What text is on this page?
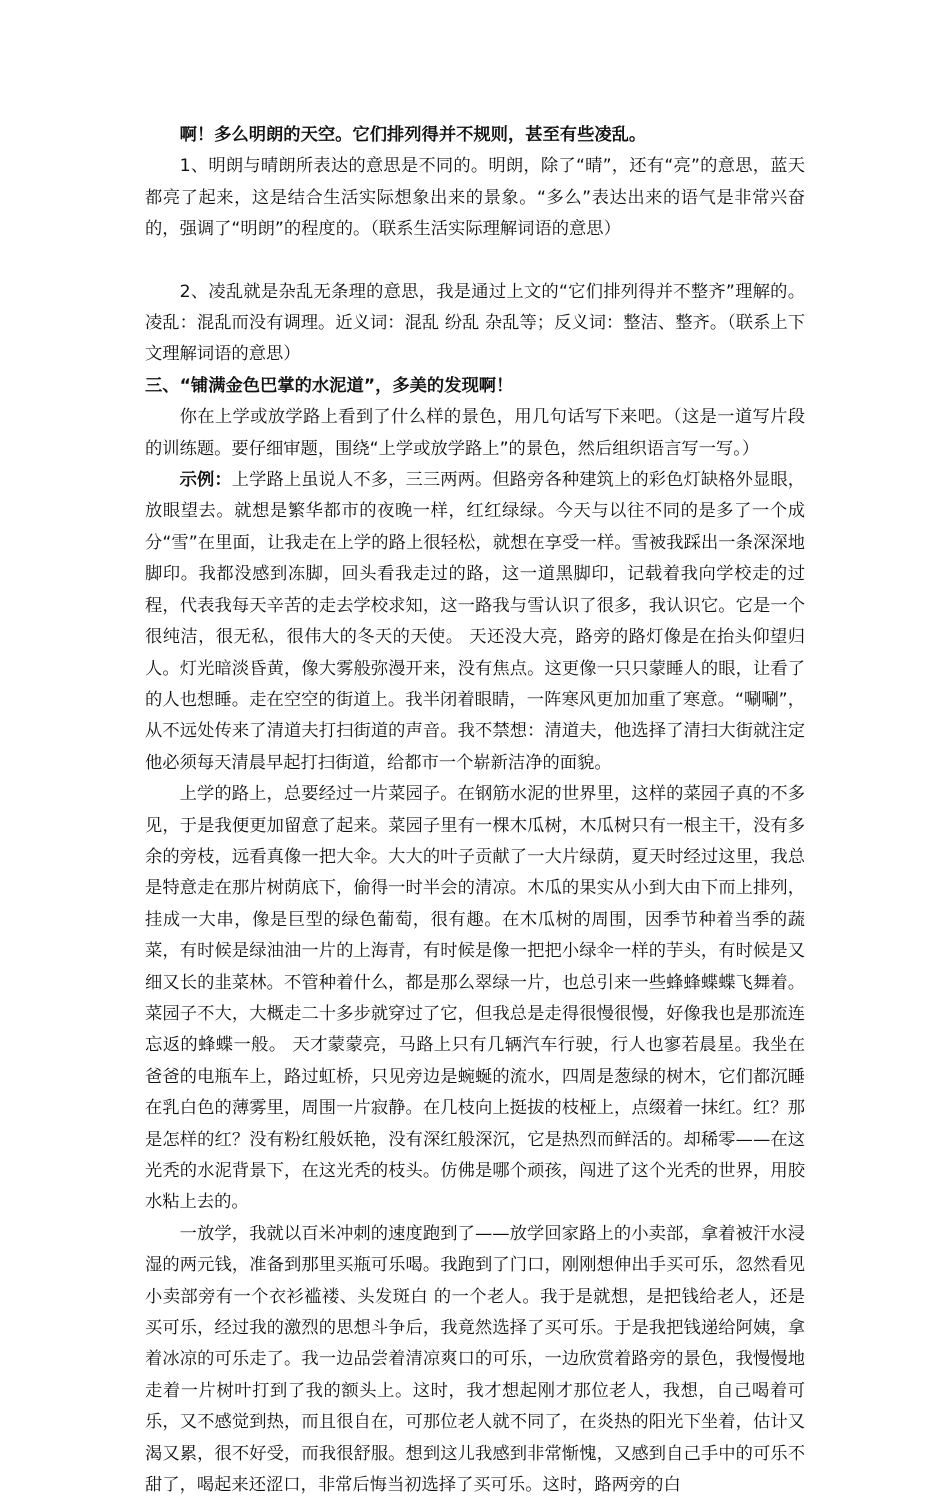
啊！多么明朗的天空。它们排列得并不规则，甚至有些凌乱。

1、明朗与晴朗所表达的意思是不同的。明朗，除了“晴”，还有“亮”的意思，蓝天都亮了起来，这是结合生活实际想象出来的景象。“多么”表达出来的语气是非常兴奋的，强调了“明朗”的程度的。（联系生活实际理解词语的意思）

2、凌乱就是杂乱无条理的意思，我是通过上文的“它们排列得并不整齐”理解的。凌乱：混乱而没有调理。近义词：混乱 纷乱 杂乱等；反义词：整洁、整齐。（联系上下文理解词语的意思）

三、“铺满金色巴掌的水泥道”，多美的发现啊！

你在上学或放学路上看到了什么样的景色，用几句话写下来吧。（这是一道写片段的训练题。要仔细审题，围绕“上学或放学路上”的景色，然后组织语言写一写。）

示例：上学路上虽说人不多，三三两两。但路旁各种建筑上的彩色灯缺格外显眼，放眼望去。就想是繁华都市的夜晚一样，红红绿绿。今天与以往不同的是多了一个成分“雪”在里面，让我走在上学的路上很轻松，就想在享受一样。雪被我踩出一条深深地脚印。我都没感到冻脚，回头看我走过的路，这一道黑脚印，记载着我向学校走的过程，代表我每天辛苦的走去学校求知，这一路我与雪认识了很多，我认识它。它是一个很纯洁，很无私，很伟大的冬天的天使。 天还没大亮，路旁的路灯像是在抬头仰望归人。灯光暗淡昏黄，像大雾般弥漫开来，没有焦点。这更像一只只蒙睡人的眼，让看了的人也想睡。走在空空的街道上。我半闭着眼睛，一阵寒风更加加重了寒意。“唰唰”，从不远处传来了清道夫打扫街道的声音。我不禁想：清道夫，他选择了清扫大街就注定他必须每天清晨早起打扫街道，给都市一个崭新洁净的面貌。

上学的路上，总要经过一片菜园子。在钢筋水泥的世界里，这样的菜园子真的不多见，于是我便更加留意了起来。菜园子里有一棵木瓜树，木瓜树只有一根主干，没有多余的旁枝，远看真像一把大伞。大大的叶子贡献了一大片绿荫，夏天时经过这里，我总是特意走在那片树荫底下，偷得一时半会的清凉。木瓜的果实从小到大由下而上排列，挂成一大串，像是巨型的绿色葡萄，很有趣。在木瓜树的周围，因季节种着当季的蔬菜，有时候是绿油油一片的上海青，有时候是像一把把小绿伞一样的芋头，有时候是又细又长的韭菜林。不管种着什么，都是那么翠绿一片，也总引来一些蜂蜂蝶蝶飞舞着。菜园子不大，大概走二十多步就穿过了它，但我总是走得很慢很慢，好像我也是那流连忘返的蜂蝶一般。 天才蒙蒙亮，马路上只有几辆汽车行驶，行人也寥若晨星。我坐在爸爸的电瓶车上，路过虹桥，只见旁边是蜿蜒的流水，四周是葱绿的树木，它们都沉睡在乳白色的薄雾里，周围一片寂静。在几枝向上挺拔的枝桠上，点缀着一抹红。红？那是怎样的红？没有粉红般妖艳，没有深红般深沉，它是热烈而鲜活的。却稀零——在这光秃的水泥背景下，在这光秃的枝头。仿佛是哪个顽孩，闯进了这个光秃的世界，用胶水粘上去的。

一放学，我就以百米冲刺的速度跑到了——放学回家路上的小卖部，拿着被汗水浸湿的两元钱，准备到那里买瓶可乐喝。我跑到了门口，刚刚想伸出手买可乐，忽然看见小卖部旁有一个衣衫褴褛、头发斑白 的一个老人。我于是就想，是把钱给老人，还是买可乐，经过我的激烈的思想斗争后，我竟然选择了买可乐。于是我把钱递给阿姨，拿着冰凉的可乐走了。我一边品尝着清凉爽口的可乐，一边欣赏着路旁的景色，我慢慢地走着一片树叶打到了我的额头上。这时，我才想起刚才那位老人，我想，自己喝着可乐，又不感觉到热，而且很自在，可那位老人就不同了，在炎热的阳光下坐着，估计又渴又累，很不好受，而我很舒服。想到这儿我感到非常惭愧，又感到自己手中的可乐不甜了，喝起来还涩口，非常后悔当初选择了买可乐。这时，路两旁的白
